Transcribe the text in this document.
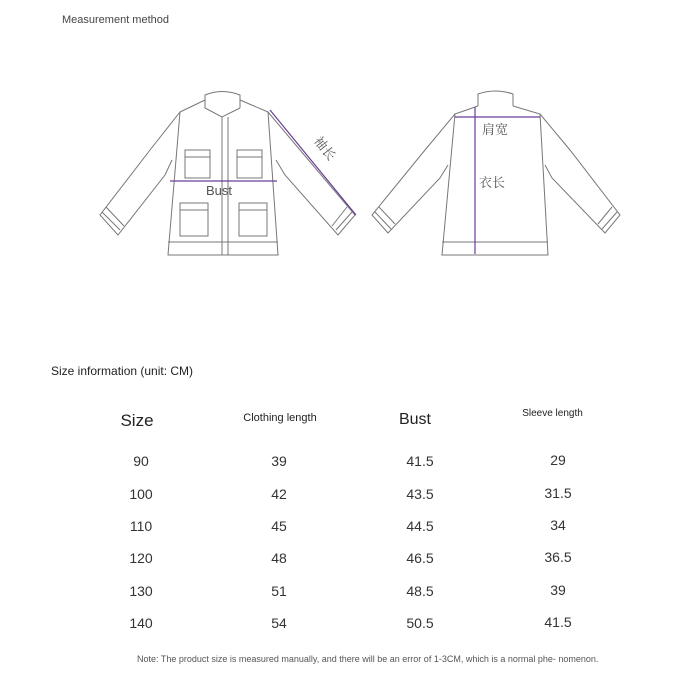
Measurement method
Bust
袖长
肩宽
衣长
Size information (unit: CM)
Size	Clothing length	Bust	Sleeve length
90	39	41.5	29
100	42	43.5	31.5
110	45	44.5	34
120	48	46.5	36.5
130	51	48.5	39
140	54	50.5	41.5
Note: The product size is measured manually, and there will be an error of 1-3CM, which is a normal phe- nomenon.
